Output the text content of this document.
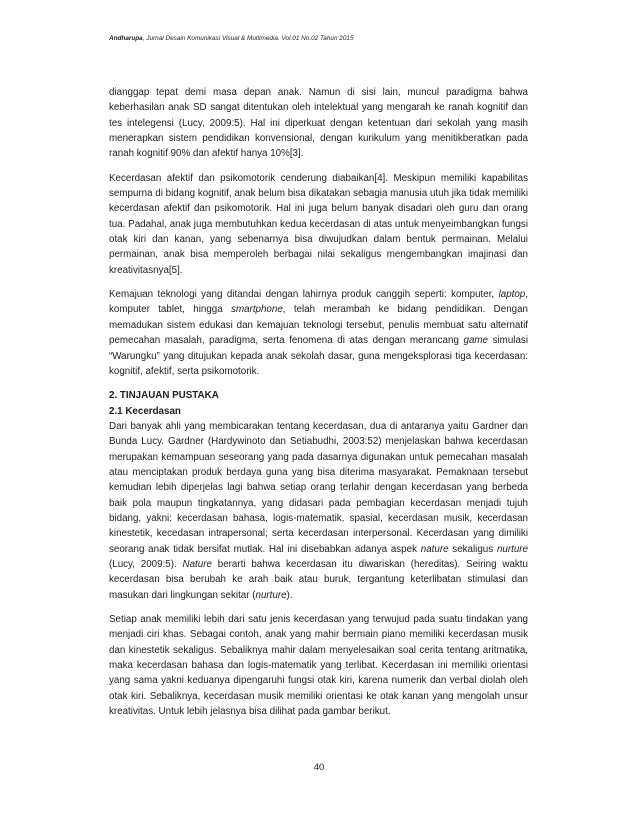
Andharupa, Jurnal Desain Komunikasi Visual & Multimedia. Vol.01 No.02 Tahun 2015

dianggap tepat demi masa depan anak. Namun di sisi lain, muncul paradigma bahwa keberhasilan anak SD sangat ditentukan oleh intelektual yang mengarah ke ranah kognitif dan tes intelegensi (Lucy, 2009:5). Hal ini diperkuat dengan ketentuan dari sekolah yang masih menerapkan sistem pendidikan konvensional, dengan kurikulum yang menitikberatkan pada ranah kognitif 90% dan afektif hanya 10%[3].

Kecerdasan afektif dan psikomotorik cenderung diabaikan[4]. Meskipun memiliki kapabilitas sempurna di bidang kognitif, anak belum bisa dikatakan sebagia manusia utuh jika tidak memiliki kecerdasan afektif dan psikomotorik. Hal ini juga belum banyak disadari oleh guru dan orang tua. Padahal, anak juga membutuhkan kedua kecerdasan di atas untuk menyeimbangkan fungsi otak kiri dan kanan, yang sebenarnya bisa diwujudkan dalam bentuk permainan. Melalui permainan, anak bisa memperoleh berbagai nilai sekaligus mengembangkan imajinasi dan kreativitasnya[5].

Kemajuan teknologi yang ditandai dengan lahirnya produk canggih seperti: komputer, laptop, komputer tablet, hingga smartphone, telah merambah ke bidang pendidikan. Dengan memadukan sistem edukasi dan kemajuan teknologi tersebut, penulis membuat satu alternatif pemecahan masalah, paradigma, serta fenomena di atas dengan merancang game simulasi “Warungku” yang ditujukan kepada anak sekolah dasar, guna mengeksplorasi tiga kecerdasan: kognitif, afektif, serta psikomotorik.

2. TINJAUAN PUSTAKA
2.1 Kecerdasan

Dari banyak ahli yang membicarakan tentang kecerdasan, dua di antaranya yaitu Gardner dan Bunda Lucy. Gardner (Hardywinoto dan Setiabudhi, 2003:52) menjelaskan bahwa kecerdasan merupakan kemampuan seseorang yang pada dasarnya digunakan untuk pemecahan masalah atau menciptakan produk berdaya guna yang bisa diterima masyarakat. Pemaknaan tersebut kemudian lebih diperjelas lagi bahwa setiap orang terlahir dengan kecerdasan yang berbeda baik pola maupun tingkatannya, yang didasari pada pembagian kecerdasan menjadi tujuh bidang, yakni: kecerdasan bahasa, logis-matematik, spasial, kecerdasan musik, kecerdasan kinestetik, kecedasan intrapersonal; serta kecerdasan interpersonal. Kecerdasan yang dimiliki seorang anak tidak bersifat mutlak. Hal ini disebabkan adanya aspek nature sekaligus nurture (Lucy, 2009:5). Nature berarti bahwa kecerdasan itu diwariskan (hereditas). Seiring waktu kecerdasan bisa berubah ke arah baik atau buruk, tergantung keterlibatan stimulasi dan masukan dari lingkungan sekitar (nurture).

Setiap anak memiliki lebih dari satu jenis kecerdasan yang terwujud pada suatu tindakan yang menjadi ciri khas. Sebagai contoh, anak yang mahir bermain piano memiliki kecerdasan musik dan kinestetik sekaligus. Sebaliknya mahir dalam menyelesaikan soal cerita tentang aritmatika, maka kecerdasan bahasa dan logis-matematik yang terlibat. Kecerdasan ini memiliki orientasi yang sama yakni keduanya dipengaruhi fungsi otak kiri, karena numerik dan verbal diolah oleh otak kiri. Sebaliknya, kecerdasan musik memiliki orientasi ke otak kanan yang mengolah unsur kreativitas. Untuk lebih jelasnya bisa dilihat pada gambar berikut.

40
